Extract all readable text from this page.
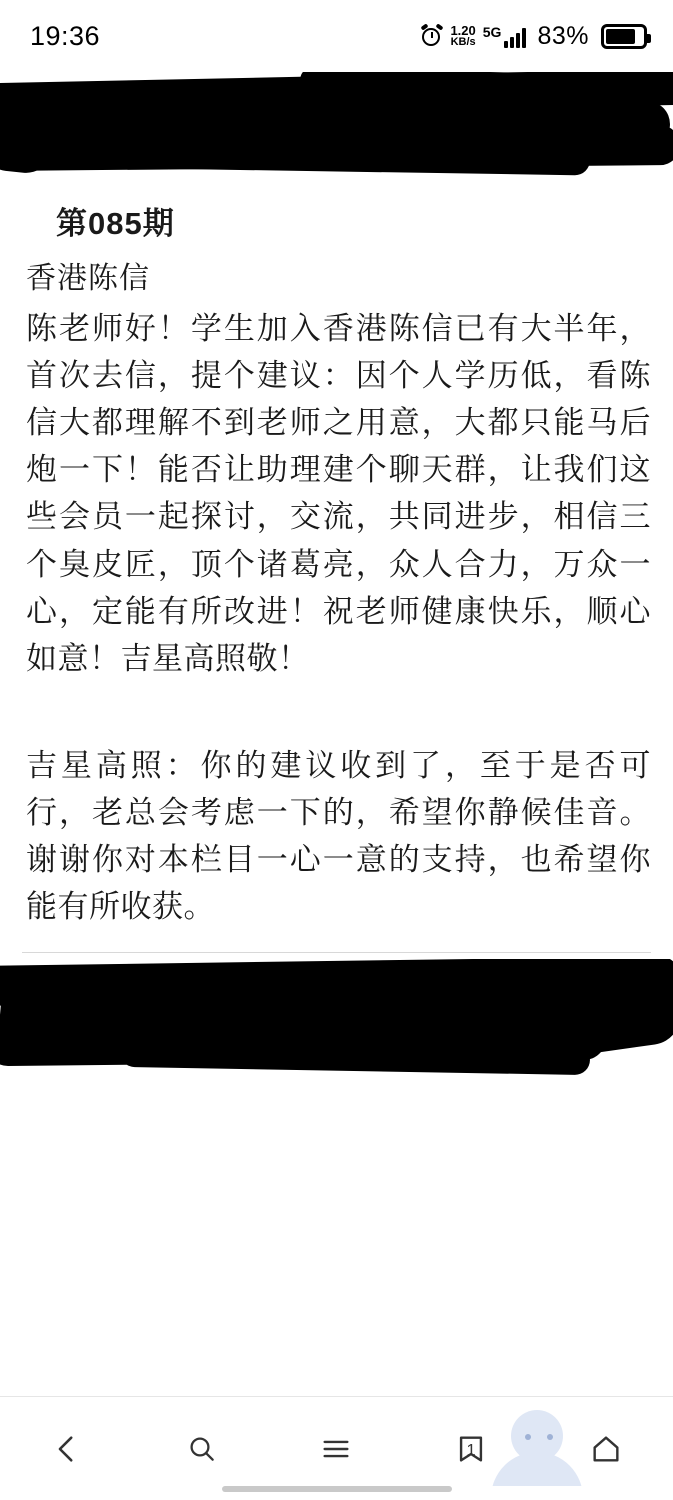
19:36	1.20
KB/s
5G 83%
第085期
香港陈信

陈老师好！学生加入香港陈信已有大半年，首次去信，提个建议：因个人学历低，看陈信大都理解不到老师之用意，大都只能马后炮一下！能否让助理建个聊天群，让我们这些会员一起探讨，交流，共同进步，相信三个臭皮匠，顶个诸葛亮，众人合力，万众一心，定能有所改进！祝老师健康快乐，顺心如意！吉星高照敬！

吉星高照：你的建议收到了，至于是否可行，老总会考虑一下的，希望你静候佳音。谢谢你对本栏目一心一意的支持，也希望你能有所收获。

1
